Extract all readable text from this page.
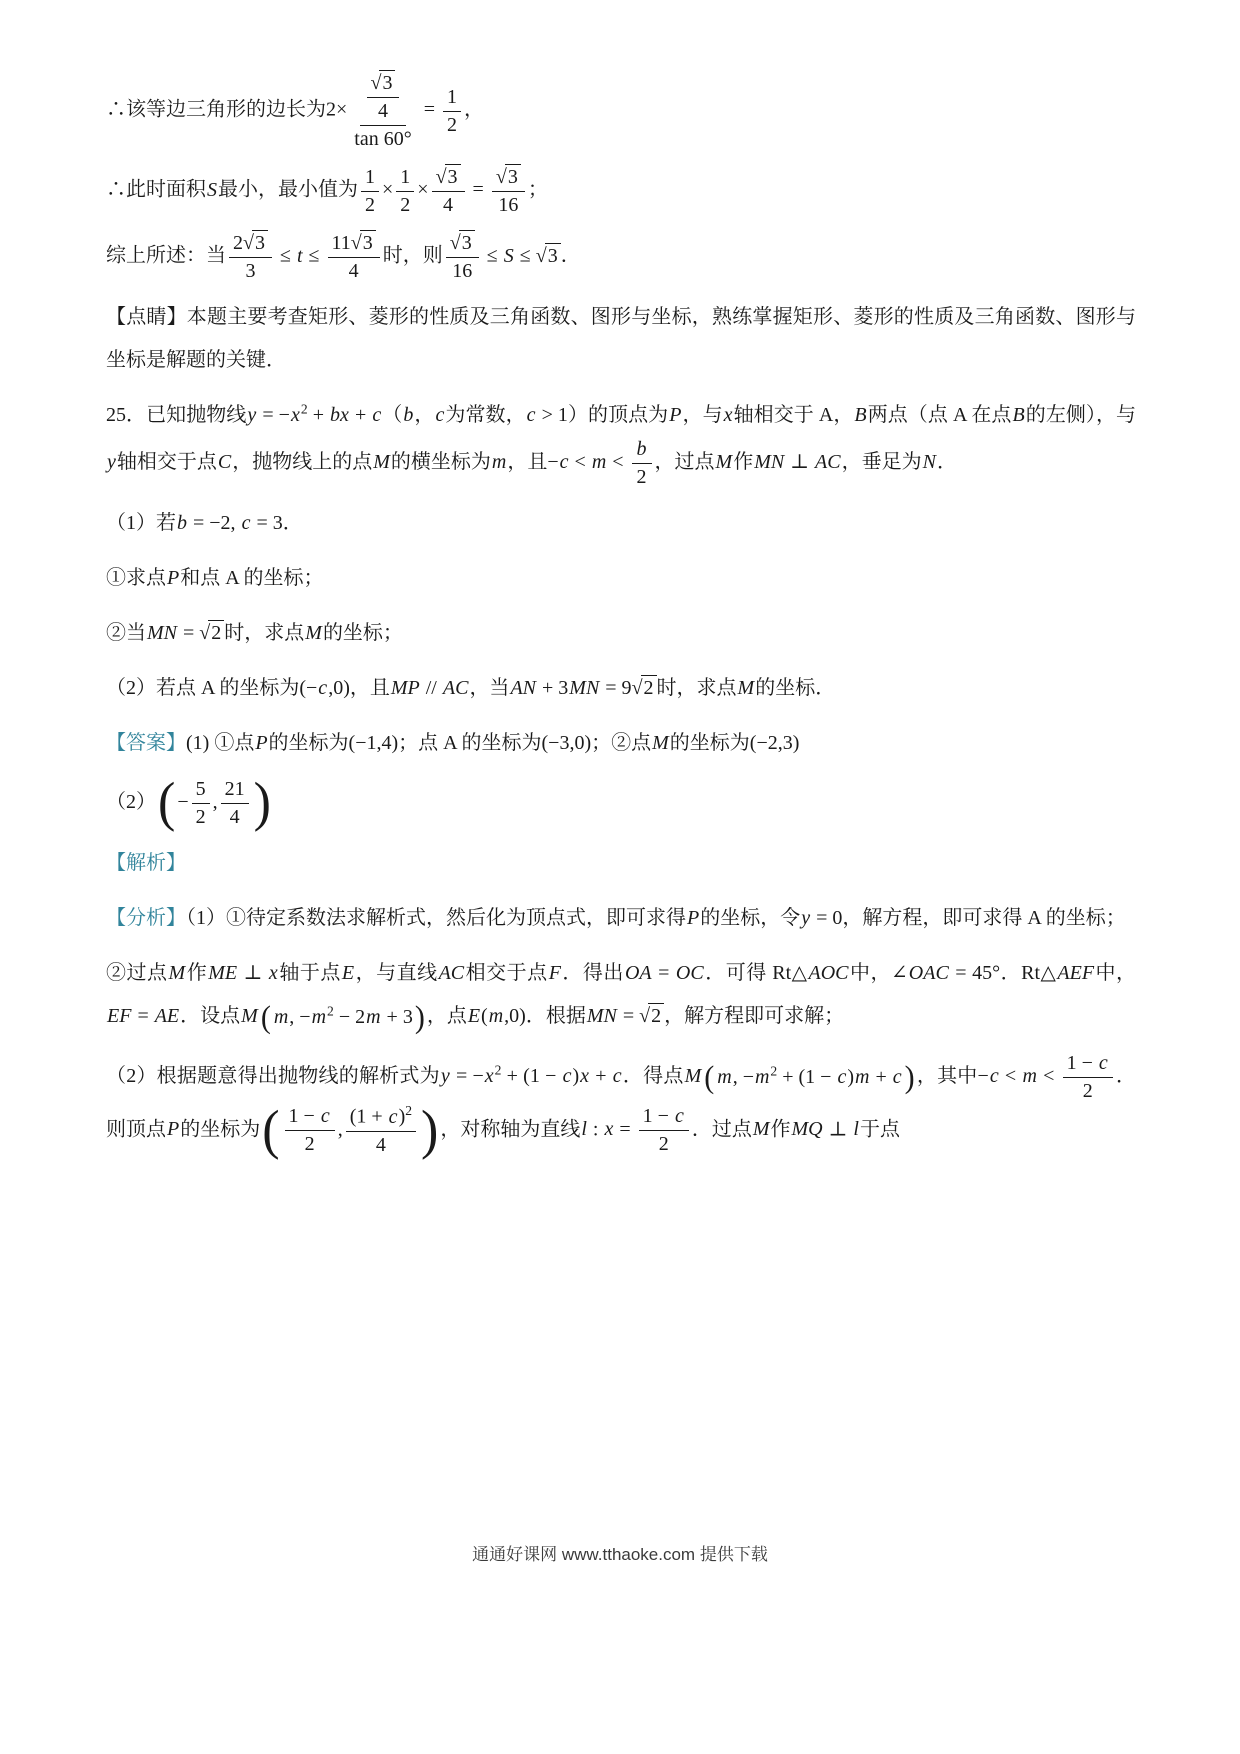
∴该等边三角形的边长为$2\times \frac{\frac{√3}{4}}{\tan 60^\circ} = \frac{1}{2}$ ，
∴此时面积S最小，最小值为 $\frac{1}{2} \times \frac{1}{2} \times \frac{√3}{4} = \frac{√3}{16}$ ；
综上所述：当 $\frac{2√3}{3} \le t \le \frac{11√3}{4}$ 时，则 $\frac{√3}{16} \le S \le √3$ ．
【点睛】本题主要考查矩形、菱形的性质及三角函数、图形与坐标，熟练掌握矩形、菱形的性质及三角函数、图形与坐标是解题的关键．
25．已知抛物线$y = -x^2$ + bx + c（b，c为常数，c > 1）的顶点为P，与x轴相交于 A，B两点（点 A 在点B的左侧），与y轴相交于点C，抛物线上的点M的横坐标为m，且$-c < m < \frac{b}{2}$ ，过点M作MN ⊥ AC，垂足为N．
（1）若b = −2, c = 3．
①求点P和点 A 的坐标；
②当MN = √2 时，求点M的坐标；
（2）若点 A 的坐标为(−c,0)，且MP // AC，当AN + 3MN = 9√2 时，求点M的坐标．
【答案】(1) ①点P的坐标为(−1,4)；点 A 的坐标为(−3,0)；②点M的坐标为(−2,3)
（2） ( − $\frac{5}{2}$ , $\frac{21}{4}$ )
【解析】
【分析】（1）①待定系数法求解析式，然后化为顶点式，即可求得P的坐标，令y = 0，解方程，即可求得 A 的坐标；
②过点M作ME ⊥ x轴于点E，与直线AC相交于点F．得出OA = OC．可得 Rt△AOC中，∠OAC = 45°．Rt△AEF中，EF = AE．设点M ( m, $-m^2 - 2m + 3$ ) ，点E(m,0)．根据MN = √2 ，解方程即可求解；
（2）根据题意得出抛物线的解析式为$y = -x^2 + (1 - c)x + c$．得点M ( m, $-m^2 + (1 - c)m + c$ ) ，其中$-c < m < \frac{1 - c}{2}$ ．则顶点P的坐标为 ( $\frac{1 - c}{2}$ , $\frac{(1 + c)^2}{4}$ ) ，对称轴为直线l : $x = \frac{1 - c}{2}$ ．过点M作MQ ⊥ l于点
通通好课网 www.tthaoke.com 提供下载
